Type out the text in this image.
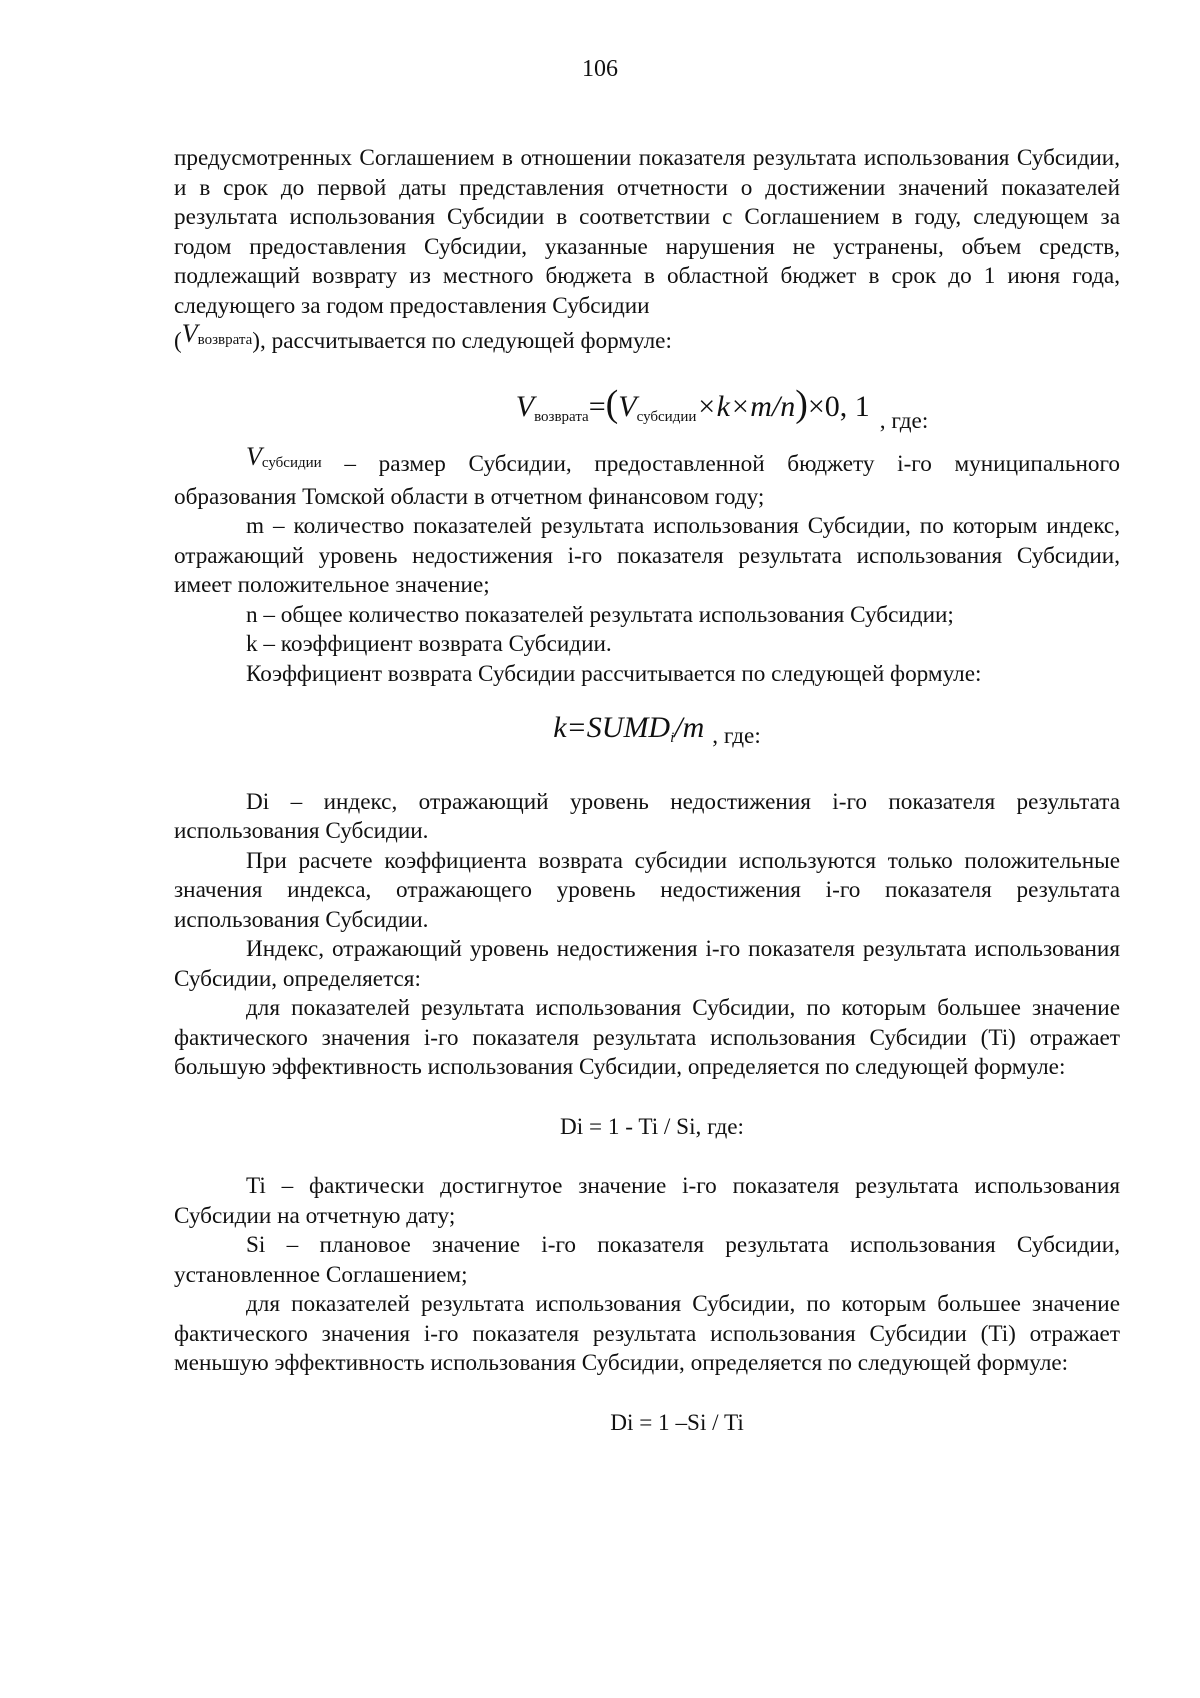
106

предусмотренных Соглашением в отношении показателя результата использования Субсидии, и в срок до первой даты представления отчетности о достижении значений показателей результата использования Субсидии в соответствии с Соглашением в году, следующем за годом предоставления Субсидии, указанные нарушения не устранены, объем средств, подлежащий возврату из местного бюджета в областной бюджет в срок до 1 июня года, следующего за годом предоставления Субсидии

(Vвозврата), рассчитывается по следующей формуле:

$V_{возврата}=(V_{субсидии}\times k\times m/n)\times 0$, 1 , где:

Vсубсидии – размер Субсидии, предоставленной бюджету i-го муниципального образования Томской области в отчетном финансовом году;

m – количество показателей результата использования Субсидии, по которым индекс, отражающий уровень недостижения i-го показателя результата использования Субсидии, имеет положительное значение;

n – общее количество показателей результата использования Субсидии;

k – коэффициент возврата Субсидии.

Коэффициент возврата Субсидии рассчитывается по следующей формуле:

$k=SUMD_i/m$ , где:

Di – индекс, отражающий уровень недостижения i-го показателя результата использования Субсидии.

При расчете коэффициента возврата субсидии используются только положительные значения индекса, отражающего уровень недостижения i-го показателя результата использования Субсидии.

Индекс, отражающий уровень недостижения i-го показателя результата использования Субсидии, определяется:

для показателей результата использования Субсидии, по которым большее значение фактического значения i-го показателя результата использования Субсидии (Ti) отражает большую эффективность использования Субсидии, определяется по следующей формуле:

Di = 1 - Ti / Si, где:

Ti – фактически достигнутое значение i-го показателя результата использования Субсидии на отчетную дату;

Si – плановое значение i-го показателя результата использования Субсидии, установленное Соглашением;

для показателей результата использования Субсидии, по которым большее значение фактического значения i-го показателя результата использования Субсидии (Ti) отражает меньшую эффективность использования Субсидии, определяется по следующей формуле:

Di = 1 –Si / Ti
